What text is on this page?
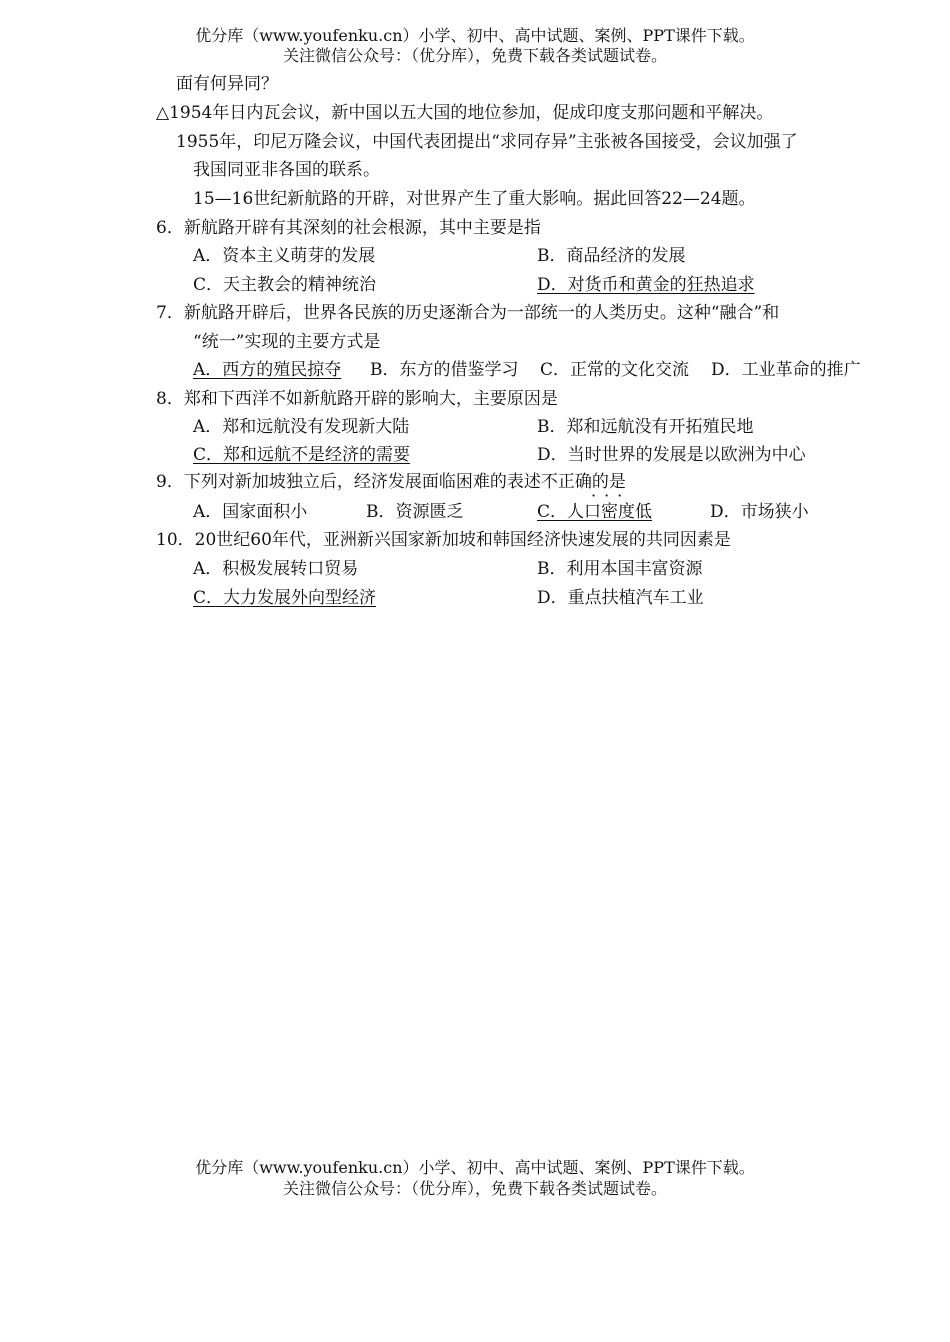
优分库（www.youfenku.cn）小学、初中、高中试题、案例、PPT课件下载。
关注微信公众号：（优分库），免费下载各类试题试卷。
面有何异同？
△1954年日内瓦会议，新中国以五大国的地位参加，促成印度支那问题和平解决。
1955年，印尼万隆会议，中国代表团提出“求同存异”主张被各国接受，会议加强了
我国同亚非各国的联系。
15—16世纪新航路的开辟，对世界产生了重大影响。据此回答22—24题。
6．新航路开辟有其深刻的社会根源，其中主要是指
A．资本主义萌芽的发展	B．商品经济的发展
C．天主教会的精神统治	D．对货币和黄金的狂热追求
7．新航路开辟后，世界各民族的历史逐渐合为一部统一的人类历史。这种“融合”和
“统一”实现的主要方式是
A．西方的殖民掠夺 B．东方的借鉴学习 C．正常的文化交流 D．工业革命的推广
8．郑和下西洋不如新航路开辟的影响大，主要原因是
A．郑和远航没有发现新大陆	B．郑和远航没有开拓殖民地
C．郑和远航不是经济的需要	D．当时世界的发展是以欧洲为中心
9．下列对新加坡独立后，经济发展面临困难的表述不正确的是
···
A．国家面积小	B．资源匮乏	C．人口密度低	D．市场狭小
10．20世纪60年代，亚洲新兴国家新加坡和韩国经济快速发展的共同因素是
A．积极发展转口贸易	B．利用本国丰富资源
C．大力发展外向型经济	D．重点扶植汽车工业
优分库（www.youfenku.cn）小学、初中、高中试题、案例、PPT课件下载。
关注微信公众号：（优分库），免费下载各类试题试卷。
